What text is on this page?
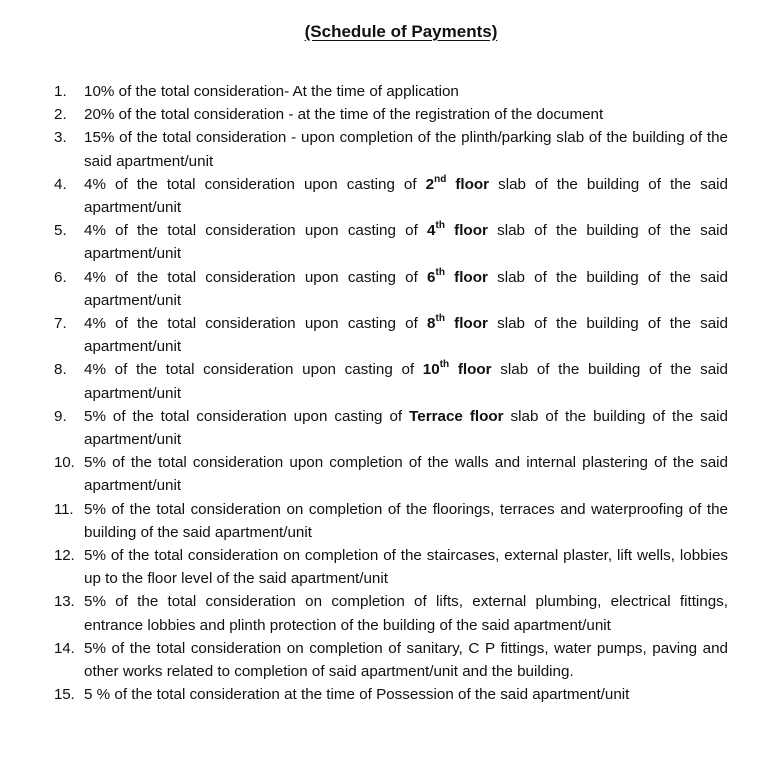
(Schedule of Payments)
1.	10% of the total consideration- At the time of application
2.	20% of the total consideration - at the time of the registration of the document
3.	15% of the total consideration - upon completion of the plinth/parking slab of the building of the said apartment/unit
4.	4% of the total consideration upon casting of 2nd floor slab of the building of the said apartment/unit
5.	4% of the total consideration upon casting of 4th floor slab of the building of the said apartment/unit
6.	4% of the total consideration upon casting of 6th floor slab of the building of the said apartment/unit
7.	4% of the total consideration upon casting of 8th floor slab of the building of the said apartment/unit
8.	4% of the total consideration upon casting of 10th floor slab of the building of the said apartment/unit
9.	5% of the total consideration upon casting of Terrace floor slab of the building of the said apartment/unit
10. 5% of the total consideration upon completion of the walls and internal plastering of the said apartment/unit
11. 5% of the total consideration on completion of the floorings, terraces and waterproofing of the building of the said apartment/unit
12. 5% of the total consideration on completion of the staircases, external plaster, lift wells, lobbies up to the floor level of the said apartment/unit
13. 5% of the total consideration on completion of lifts, external plumbing, electrical fittings, entrance lobbies and plinth protection of the building of the said apartment/unit
14. 5% of the total consideration on completion of sanitary, C P fittings, water pumps, paving and other works related to completion of said apartment/unit and the building.
15. 5 % of the total consideration at the time of Possession of the said apartment/unit
